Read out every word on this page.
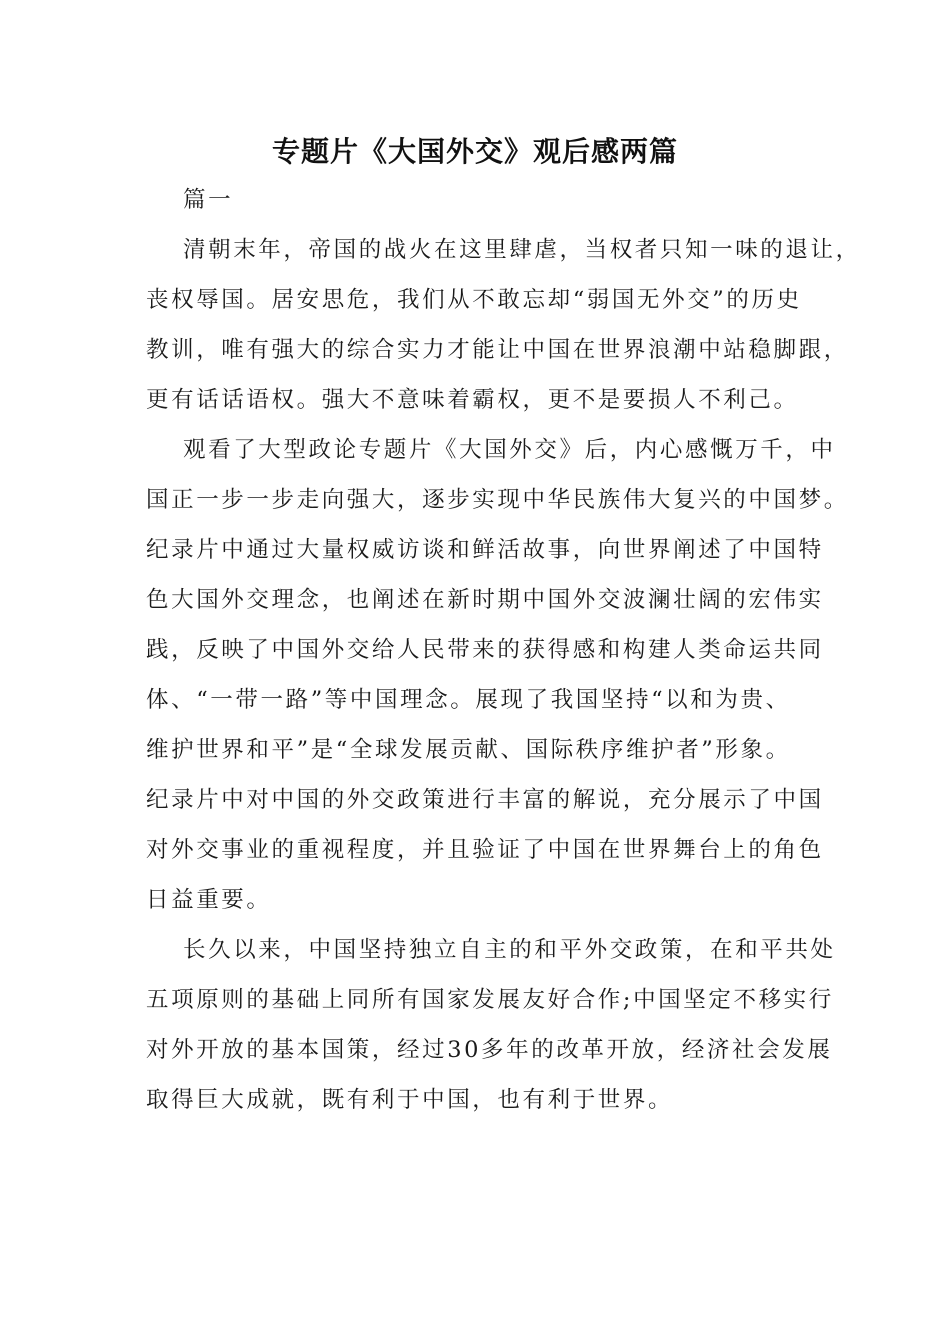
专题片《大国外交》观后感两篇
篇一
清朝末年，帝国的战火在这里肆虐，当权者只知一味的退让，
丧权辱国。居安思危，我们从不敢忘却“弱国无外交”的历史
教训，唯有强大的综合实力才能让中国在世界浪潮中站稳脚跟，
更有话话语权。强大不意味着霸权，更不是要损人不利己。
观看了大型政论专题片《大国外交》后，内心感慨万千，中
国正一步一步走向强大，逐步实现中华民族伟大复兴的中国梦。
纪录片中通过大量权威访谈和鲜活故事，向世界阐述了中国特
色大国外交理念，也阐述在新时期中国外交波澜壮阔的宏伟实
践，反映了中国外交给人民带来的获得感和构建人类命运共同
体、“一带一路”等中国理念。展现了我国坚持“以和为贵、
维护世界和平”是“全球发展贡献、国际秩序维护者”形象。
纪录片中对中国的外交政策进行丰富的解说，充分展示了中国
对外交事业的重视程度，并且验证了中国在世界舞台上的角色
日益重要。
长久以来，中国坚持独立自主的和平外交政策，在和平共处
五项原则的基础上同所有国家发展友好合作;中国坚定不移实行
对外开放的基本国策，经过30多年的改革开放，经济社会发展
取得巨大成就，既有利于中国，也有利于世界。
